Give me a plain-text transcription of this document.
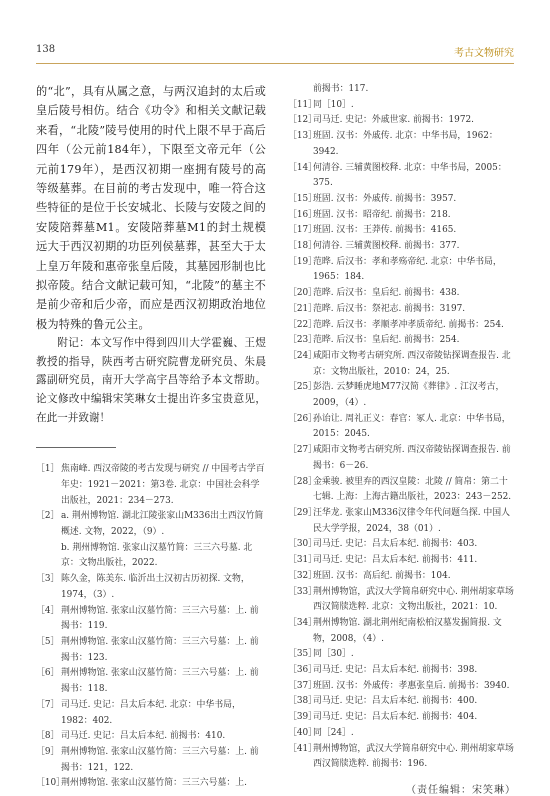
138	考古文物研究

的“北”，具有从属之意，与两汉追封的太后或皇后陵号相仿。结合《功令》和相关文献记载来看，“北陵”陵号使用的时代上限不早于高后四年（公元前184年），下限至文帝元年（公元前179年），是西汉初期一座拥有陵号的高等级墓葬。在目前的考古发现中，唯一符合这些特征的是位于长安城北、长陵与安陵之间的安陵陪葬墓M1。安陵陪葬墓M1的封土规模远大于西汉初期的功臣列侯墓葬，甚至大于太上皇万年陵和惠帝张皇后陵，其墓园形制也比拟帝陵。结合文献记载可知，“北陵”的墓主不是前少帝和后少帝，而应是西汉初期政治地位极为特殊的鲁元公主。

附记：本文写作中得到四川大学霍巍、王煜教授的指导，陕西考古研究院曹龙研究员、朱晨露副研究员，南开大学高宇昌等给予本文帮助。论文修改中编辑宋笑琳女士提出许多宝贵意见，在此一并致谢！

［1］ 焦南峰. 西汉帝陵的考古发现与研究 // 中国考古学百年史：1921－2021：第3卷. 北京：中国社会科学出版社，2021：234－273.
［2］ a. 荆州博物馆. 湖北江陵张家山M336出土西汉竹简概述. 文物，2022，（9）.
b. 荆州博物馆. 张家山汉墓竹简：三三六号墓. 北京：文物出版社，2022.
［3］ 陈久金，陈美东. 临沂出土汉初古历初探. 文物，1974，（3）.
［4］ 荆州博物馆. 张家山汉墓竹简：三三六号墓：上. 前揭书：119.
［5］ 荆州博物馆. 张家山汉墓竹简：三三六号墓：上. 前揭书：123.
［6］ 荆州博物馆. 张家山汉墓竹简：三三六号墓：上. 前揭书：118.
［7］ 司马迁. 史记：吕太后本纪. 北京：中华书局，1982：402.
［8］ 司马迁. 史记：吕太后本纪. 前揭书：410.
［9］ 荆州博物馆. 张家山汉墓竹简：三三六号墓：上. 前揭书：121，122.
［10］
荆州博物馆. 张家山汉墓竹简：三三六号墓：上.
前揭书：117.
［11］
同［10］.
［12］
司马迁. 史记：外戚世家. 前揭书：1972.
［13］
班固. 汉书：外戚传. 北京：中华书局，1962：3942.
［14］
何清谷. 三辅黄图校释. 北京：中华书局，2005：375.
［15］
班固. 汉书：外戚传. 前揭书：3957.
［16］
班固. 汉书：昭帝纪. 前揭书：218.
［17］
班固. 汉书：王莽传. 前揭书：4165.
［18］
何清谷. 三辅黄图校释. 前揭书：377.
［19］
范晔. 后汉书：孝和孝殇帝纪. 北京：中华书局，1965：184.
［20］
范晔. 后汉书：皇后纪. 前揭书：438.
［21］
范晔. 后汉书：祭祀志. 前揭书：3197.
［22］
范晔. 后汉书：孝顺孝冲孝质帝纪. 前揭书：254.
［23］
范晔. 后汉书：皇后纪. 前揭书：254.
［24］
咸阳市文物考古研究所. 西汉帝陵钻探调查报告. 北京：文物出版社，2010：24，25.
［25］
彭浩. 云梦睡虎地M77汉简《葬律》. 江汉考古，2009，（4）.
［26］
孙诒让. 周礼正义：春官：冢人. 北京：中华书局，2015：2045.
［27］
咸阳市文物考古研究所. 西汉帝陵钻探调查报告. 前揭书：6－26.
［28］
金乘骏. 被里弃的西汉皇陵：北陵 // 简帛：第二十七辑. 上海：上海古籍出版社，2023：243－252.
［29］
汪华龙. 张家山M336汉律令年代问题刍探. 中国人民大学学报，2024，38（01）.
［30］
司马迁. 史记：吕太后本纪. 前揭书：403.
［31］
司马迁. 史记：吕太后本纪. 前揭书：411.
［32］
班固. 汉书：高后纪. 前揭书：104.
［33］
荆州博物馆，武汉大学简帛研究中心. 荆州胡家草场西汉简牍选粹. 北京：文物出版社，2021：10.
［34］
荆州博物馆. 湖北荆州纪南松柏汉墓发掘简报. 文物，2008，（4）.
［35］
同［30］.
［36］
司马迁. 史记：吕太后本纪. 前揭书：398.
［37］
班固. 汉书：外戚传：孝惠张皇后. 前揭书：3940.
［38］
司马迁. 史记：吕太后本纪. 前揭书：400.
［39］
司马迁. 史记：吕太后本纪. 前揭书：404.
［40］
同［24］.
［41］
荆州博物馆，武汉大学简帛研究中心. 荆州胡家草场西汉简牍选粹. 前揭书：196.
（责任编辑：宋笑琳）
